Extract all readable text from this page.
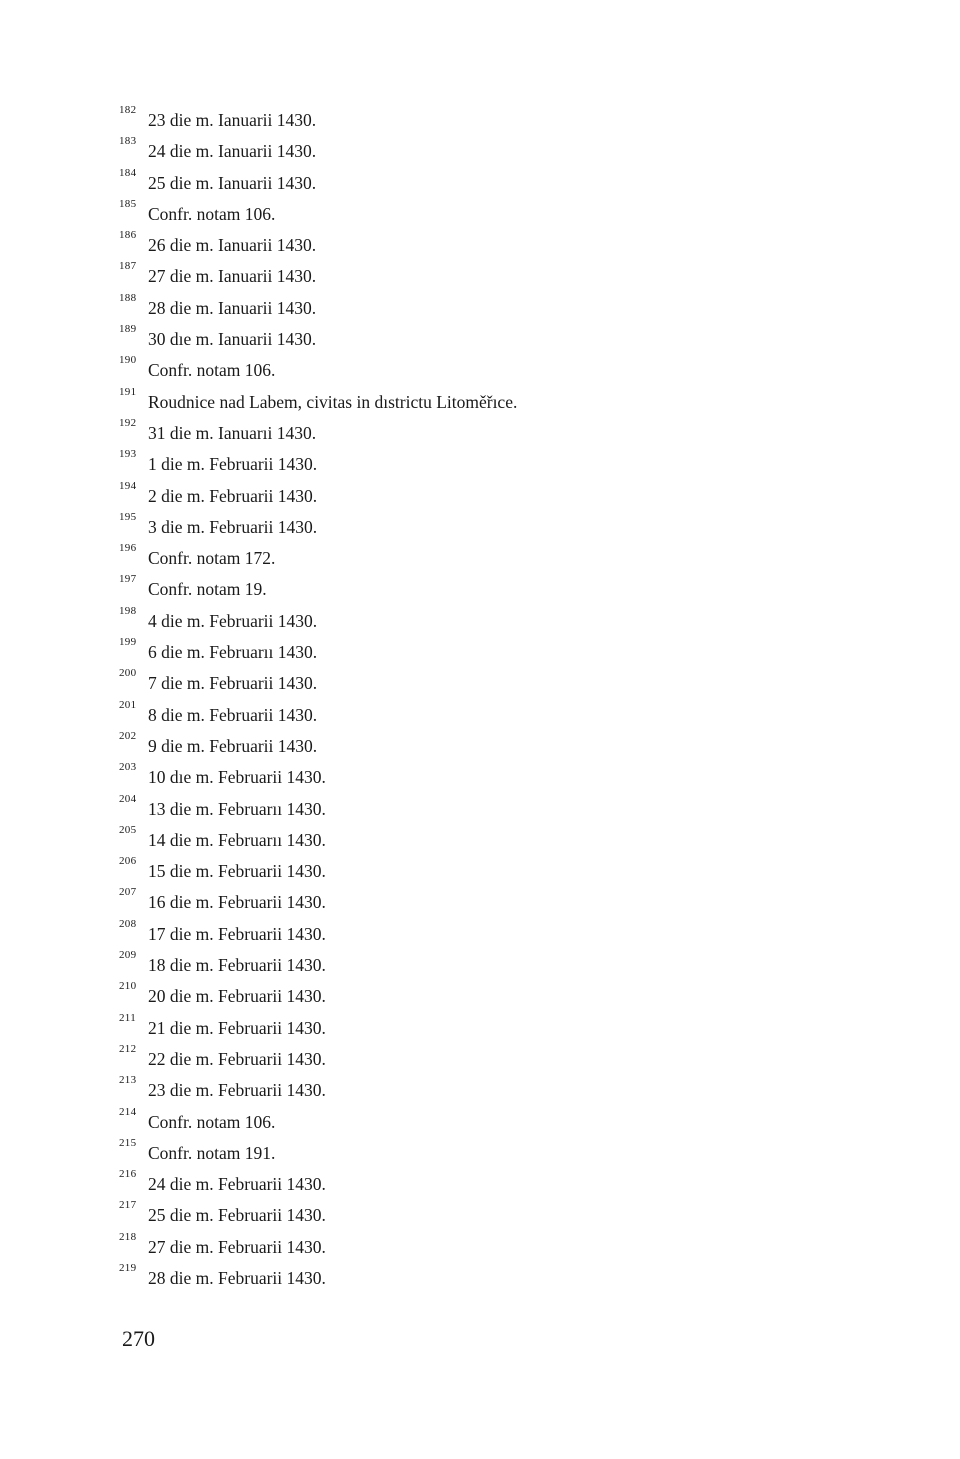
182 23 die m. Ianuarii 1430.
183 24 die m. Ianuarii 1430.
184 25 die m. Ianuarii 1430.
185 Confr. notam 106.
186 26 die m. Ianuarii 1430.
187 27 die m. Ianuarii 1430.
188 28 die m. Ianuarii 1430.
189 30 dıe m. Ianuarii 1430.
190 Confr. notam 106.
191 Roudnice nad Labem, civitas in dıstrictu Litoměřıce.
192 31 die m. Ianuarıi 1430.
193 1 die m. Februarii 1430.
194 2 die m. Februarii 1430.
195 3 die m. Februarii 1430.
196 Confr. notam 172.
197 Confr. notam 19.
198 4 die m. Februarii 1430.
199 6 die m. Februarıı 1430.
200 7 die m. Februarii 1430.
201 8 die m. Februarii 1430.
202 9 die m. Februarii 1430.
203 10 dıe m. Februarii 1430.
204 13 die m. Februarıı 1430.
205 14 die m. Februarıı 1430.
206 15 die m. Februarii 1430.
207 16 die m. Februarii 1430.
208 17 die m. Februarii 1430.
209 18 die m. Februarii 1430.
210 20 die m. Februarii 1430.
211 21 die m. Februarii 1430.
212 22 die m. Februarii 1430.
213 23 die m. Februarii 1430.
214 Confr. notam 106.
215 Confr. notam 191.
216 24 die m. Februarii 1430.
217 25 die m. Februarii 1430.
218 27 die m. Februarii 1430.
219 28 die m. Februarii 1430.
270
